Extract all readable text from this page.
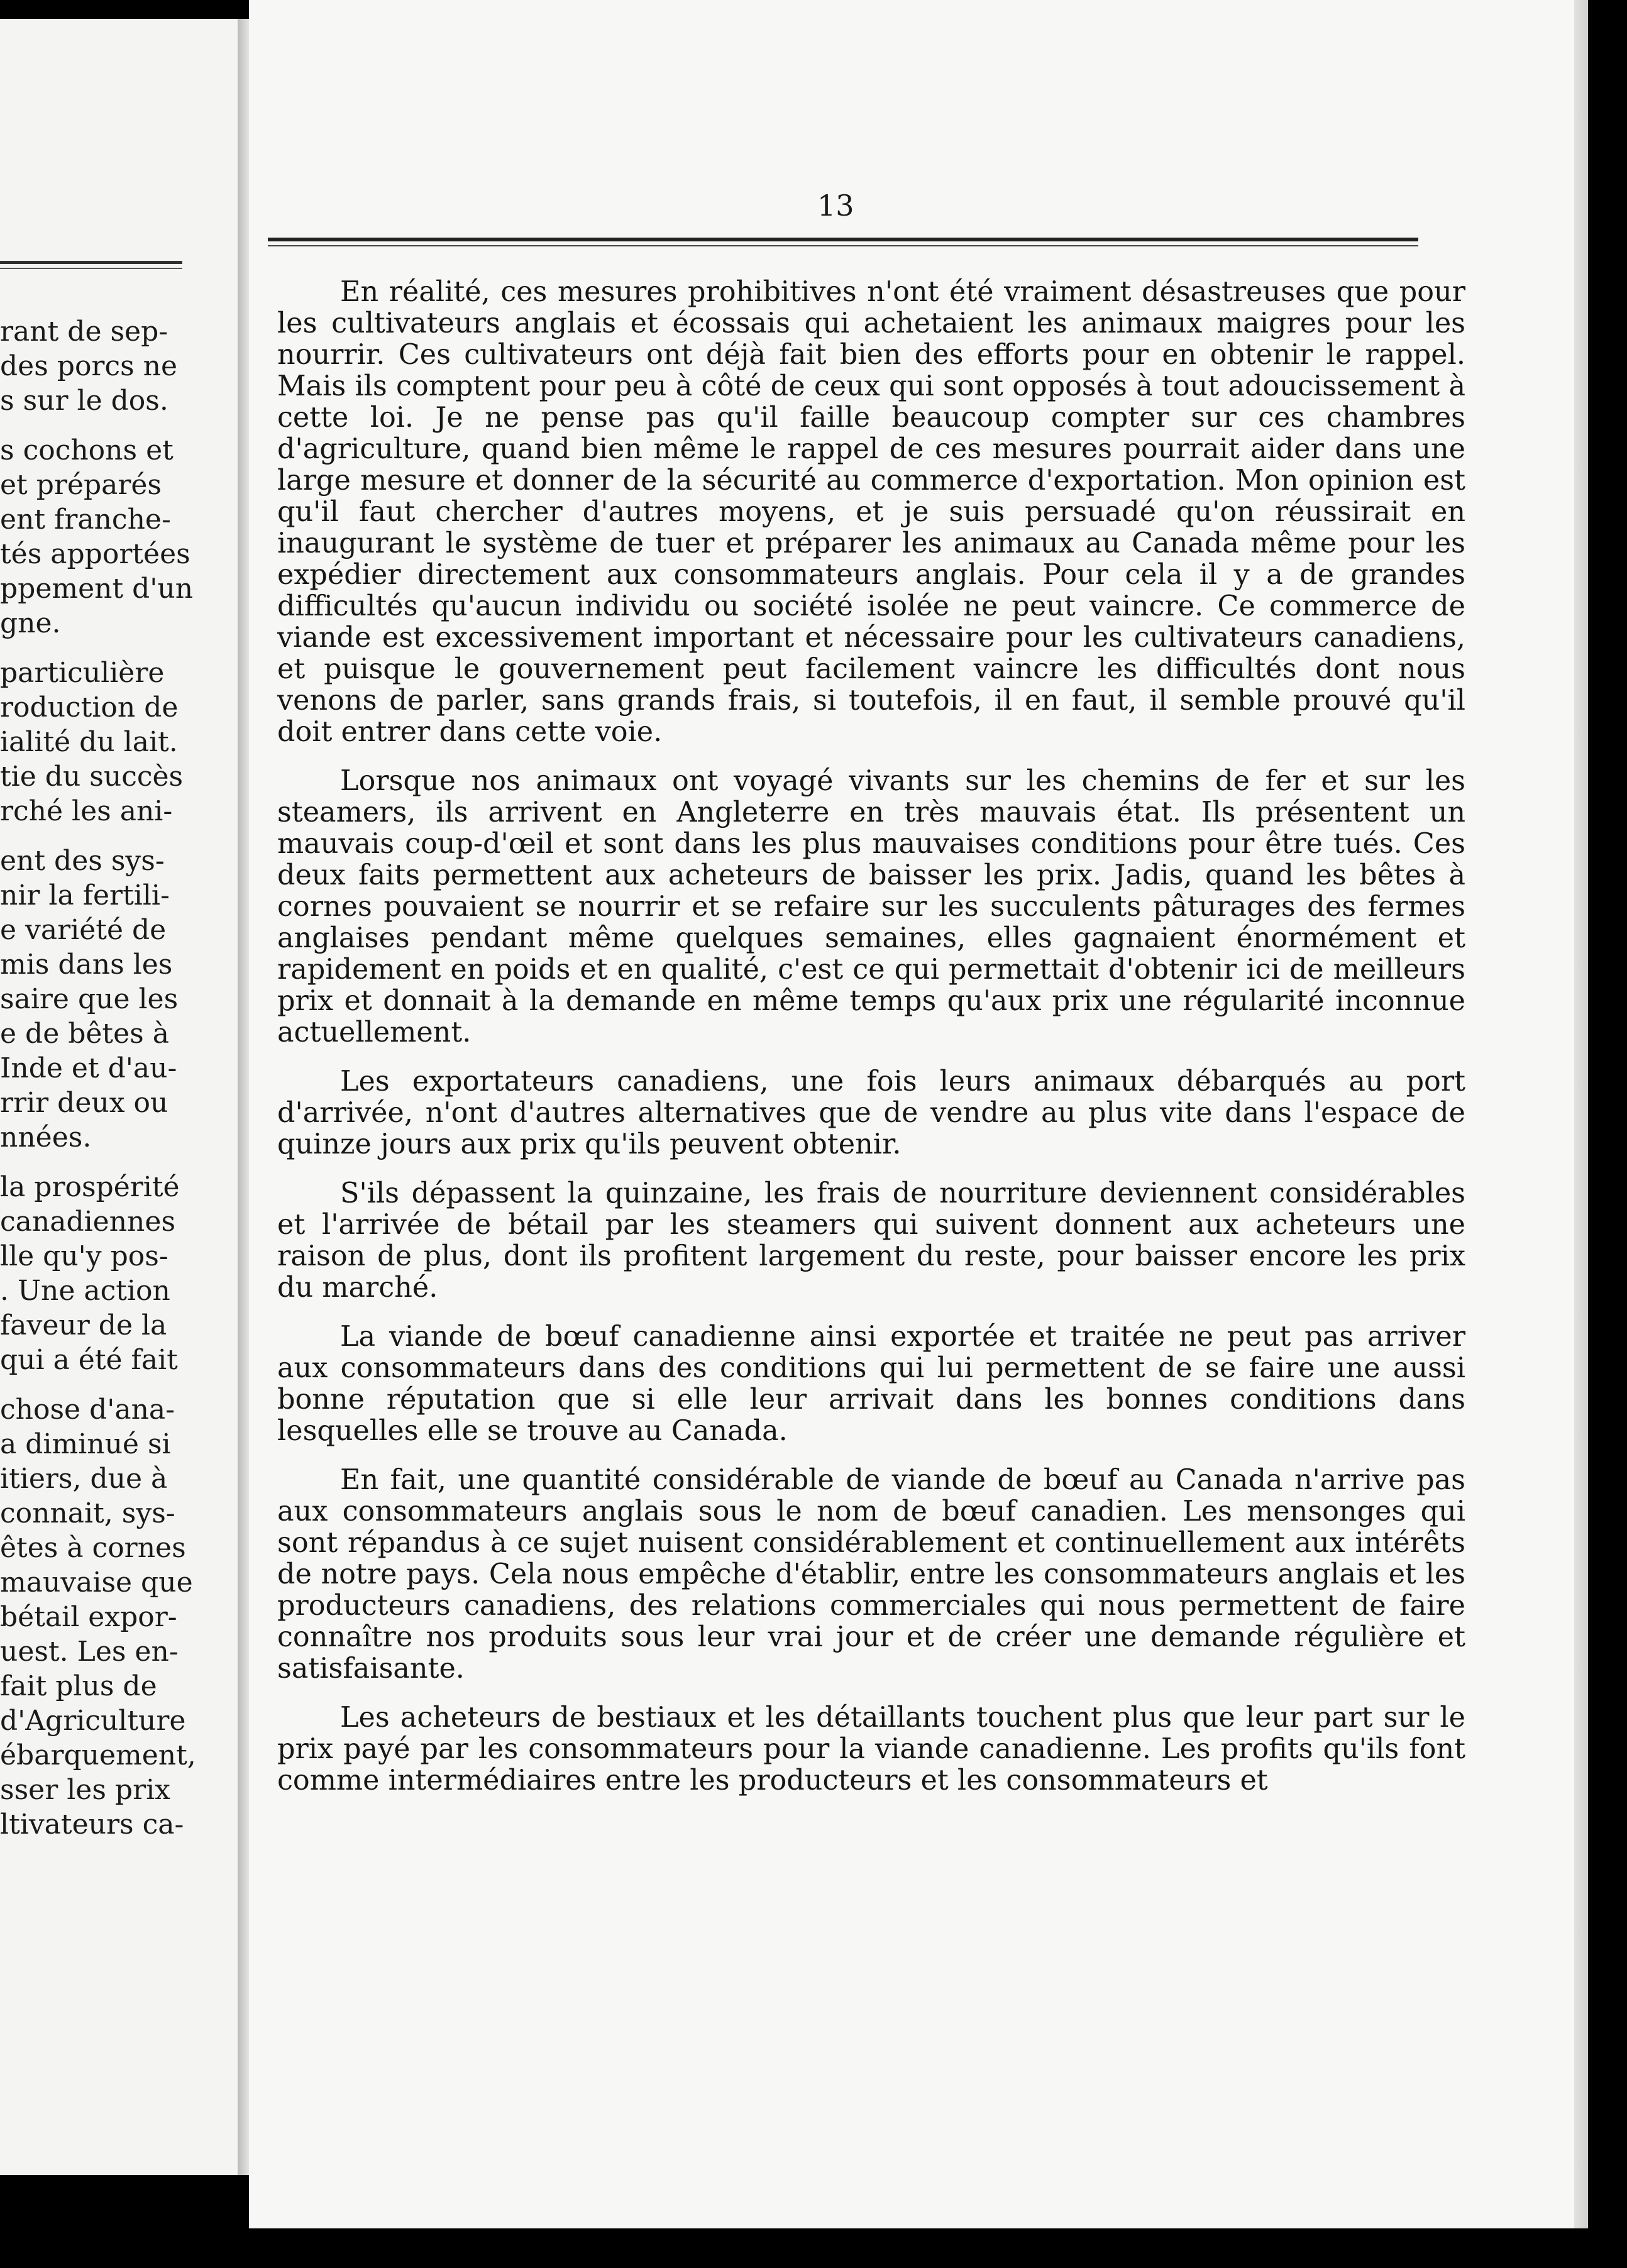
rant de sep-
des porcs ne
s sur le dos.
s cochons et
et préparés
ent franche-
tés apportées
ppement d'un
gne.
particulière
roduction de
ialité du lait.
tie du succès
rché les ani-
ent des sys-
nir la fertili-
e variété de
mis dans les
saire que les
e de bêtes à
Inde et d'au-
rrir deux ou
nnées.
la prospérité
canadiennes
lle qu'y pos-
. Une action
faveur de la
qui a été fait
chose d'ana-
a diminué si
itiers, due à
connait, sys-
êtes à cornes
mauvaise que
bétail expor-
uest. Les en-
fait plus de
d'Agriculture
ébarquement,
sser les prix
ltivateurs ca-
13

En réalité, ces mesures prohibitives n'ont été vraiment désastreuses que pour les cultivateurs anglais et écossais qui achetaient les animaux maigres pour les nourrir. Ces cultivateurs ont déjà fait bien des efforts pour en obtenir le rappel. Mais ils comptent pour peu à côté de ceux qui sont opposés à tout adoucissement à cette loi. Je ne pense pas qu'il faille beaucoup compter sur ces chambres d'agriculture, quand bien même le rappel de ces mesures pourrait aider dans une large mesure et donner de la sécurité au commerce d'exportation. Mon opinion est qu'il faut chercher d'autres moyens, et je suis persuadé qu'on réussirait en inaugurant le système de tuer et préparer les animaux au Canada même pour les expédier directement aux consommateurs anglais. Pour cela il y a de grandes difficultés qu'aucun individu ou société isolée ne peut vaincre. Ce commerce de viande est excessivement important et nécessaire pour les cultivateurs canadiens, et puisque le gouvernement peut facilement vaincre les difficultés dont nous venons de parler, sans grands frais, si toutefois, il en faut, il semble prouvé qu'il doit entrer dans cette voie.

Lorsque nos animaux ont voyagé vivants sur les chemins de fer et sur les steamers, ils arrivent en Angleterre en très mauvais état. Ils présentent un mauvais coup-d'œil et sont dans les plus mauvaises conditions pour être tués. Ces deux faits permettent aux acheteurs de baisser les prix. Jadis, quand les bêtes à cornes pouvaient se nourrir et se refaire sur les succulents pâturages des fermes anglaises pendant même quelques semaines, elles gagnaient énormément et rapidement en poids et en qualité, c'est ce qui permettait d'obtenir ici de meilleurs prix et donnait à la demande en même temps qu'aux prix une régularité inconnue actuellement.

Les exportateurs canadiens, une fois leurs animaux débarqués au port d'arrivée, n'ont d'autres alternatives que de vendre au plus vite dans l'espace de quinze jours aux prix qu'ils peuvent obtenir.

S'ils dépassent la quinzaine, les frais de nourriture deviennent considérables et l'arrivée de bétail par les steamers qui suivent donnent aux acheteurs une raison de plus, dont ils profitent largement du reste, pour baisser encore les prix du marché.

La viande de bœuf canadienne ainsi exportée et traitée ne peut pas arriver aux consommateurs dans des conditions qui lui permettent de se faire une aussi bonne réputation que si elle leur arrivait dans les bonnes conditions dans lesquelles elle se trouve au Canada.

En fait, une quantité considérable de viande de bœuf au Canada n'arrive pas aux consommateurs anglais sous le nom de bœuf canadien. Les mensonges qui sont répandus à ce sujet nuisent considérablement et continuellement aux intérêts de notre pays. Cela nous empêche d'établir, entre les consommateurs anglais et les producteurs canadiens, des relations commerciales qui nous permettent de faire connaître nos produits sous leur vrai jour et de créer une demande régulière et satisfaisante.

Les acheteurs de bestiaux et les détaillants touchent plus que leur part sur le prix payé par les consommateurs pour la viande canadienne. Les profits qu'ils font comme intermédiaires entre les producteurs et les consommateurs et
